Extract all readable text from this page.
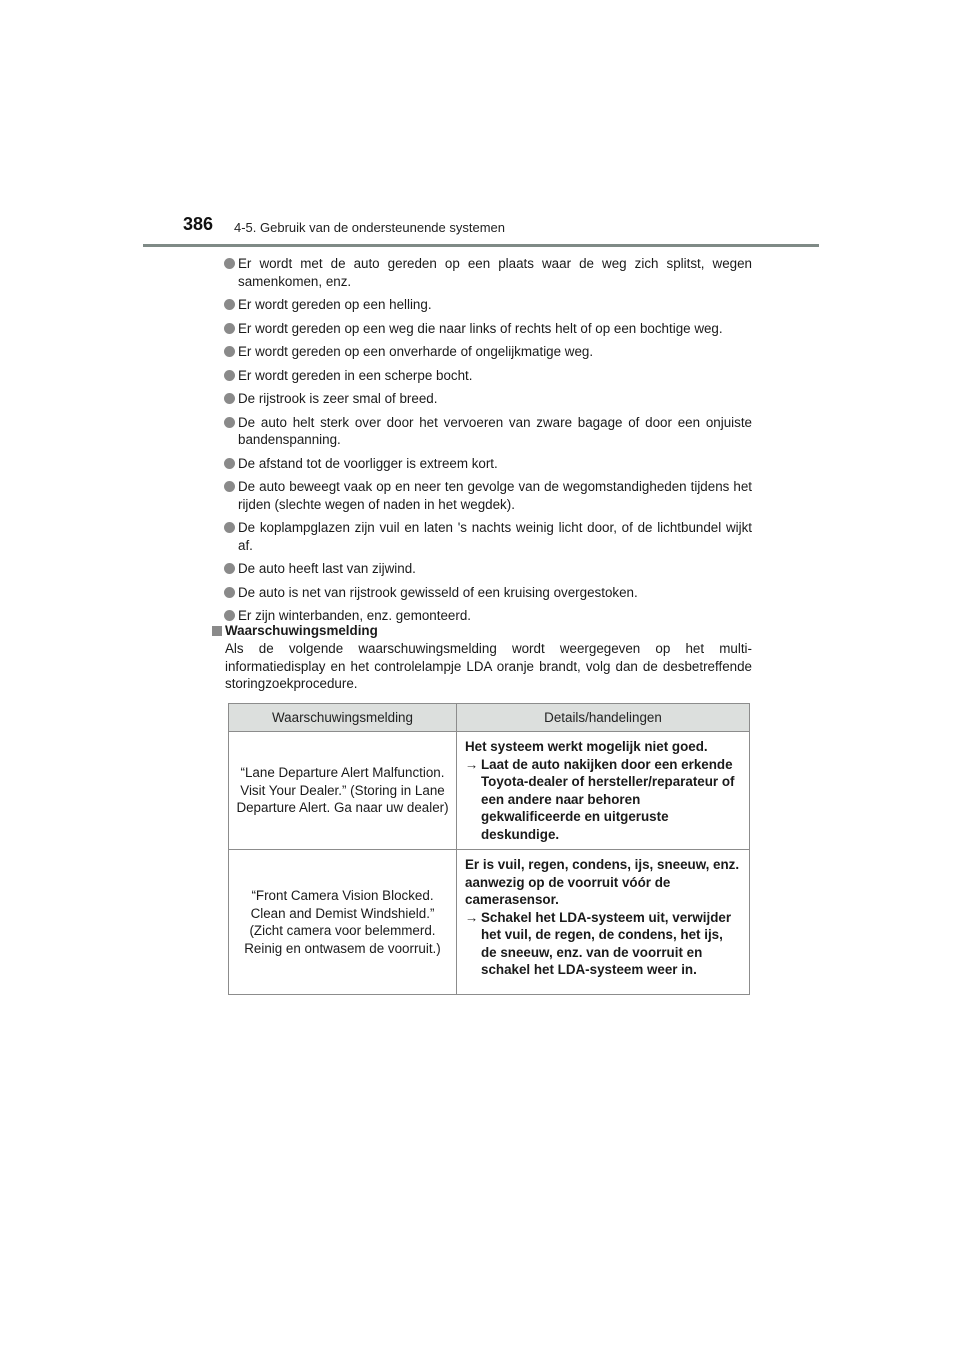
386 4-5. Gebruik van de ondersteunende systemen
Er wordt met de auto gereden op een plaats waar de weg zich splitst, wegen samenkomen, enz.
Er wordt gereden op een helling.
Er wordt gereden op een weg die naar links of rechts helt of op een bochtige weg.
Er wordt gereden op een onverharde of ongelijkmatige weg.
Er wordt gereden in een scherpe bocht.
De rijstrook is zeer smal of breed.
De auto helt sterk over door het vervoeren van zware bagage of door een onjuiste bandenspanning.
De afstand tot de voorligger is extreem kort.
De auto beweegt vaak op en neer ten gevolge van de wegomstandigheden tijdens het rijden (slechte wegen of naden in het wegdek).
De koplampglazen zijn vuil en laten 's nachts weinig licht door, of de lichtbundel wijkt af.
De auto heeft last van zijwind.
De auto is net van rijstrook gewisseld of een kruising overgestoken.
Er zijn winterbanden, enz. gemonteerd.
Waarschuwingsmelding

Als de volgende waarschuwingsmelding wordt weergegeven op het multi-informatiedisplay en het controlelampje LDA oranje brandt, volg dan de desbetreffende storingzoekprocedure.

Waarschuwingsmelding	Details/handelingen
“Lane Departure Alert Malfunction. Visit Your Dealer.” (Storing in Lane Departure Alert. Ga naar uw dealer)	Het systeem werkt mogelijk niet goed.
→ Laat de auto nakijken door een erkende Toyota-dealer of hersteller/reparateur of een andere naar behoren gekwalificeerde en uitgeruste deskundige.

“Front Camera Vision Blocked. Clean and Demist Windshield.” (Zicht camera voor belemmerd. Reinig en ontwasem de voorruit.)	Er is vuil, regen, condens, ijs, sneeuw, enz. aanwezig op de voorruit vóór de camerasensor.
→ Schakel het LDA-systeem uit, verwijder het vuil, de regen, de condens, het ijs, de sneeuw, enz. van de voorruit en schakel het LDA-systeem weer in.
